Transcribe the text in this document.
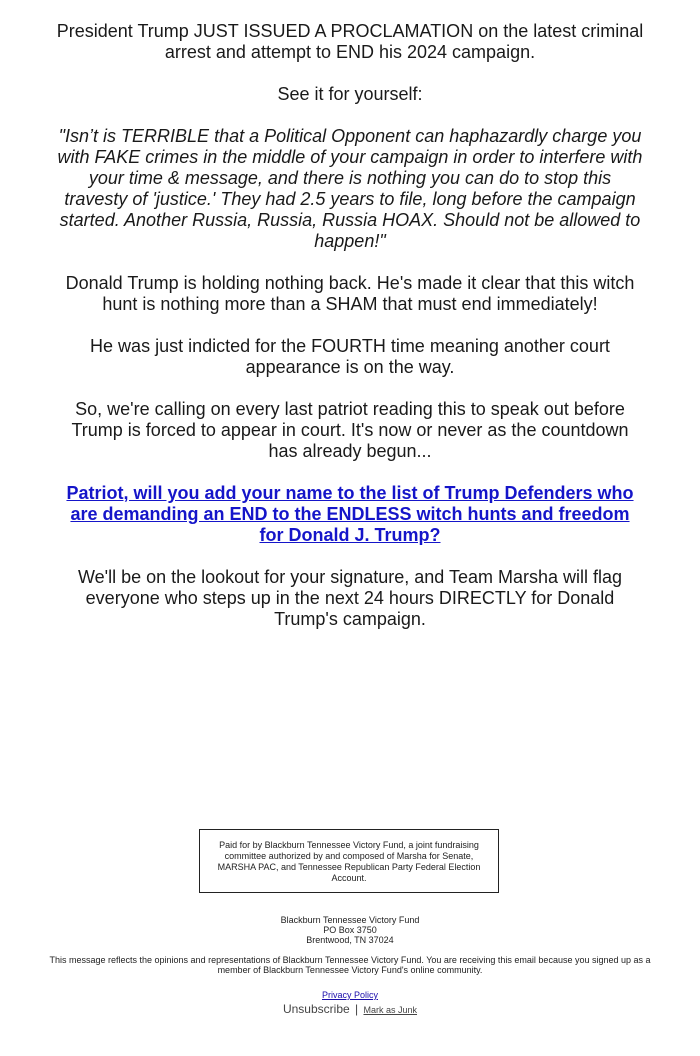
President Trump JUST ISSUED A PROCLAMATION on the latest criminal arrest and attempt to END his 2024 campaign.

See it for yourself:

"Isn’t is TERRIBLE that a Political Opponent can haphazardly charge you with FAKE crimes in the middle of your campaign in order to interfere with your time & message, and there is nothing you can do to stop this travesty of 'justice.' They had 2.5 years to file, long before the campaign started. Another Russia, Russia, Russia HOAX. Should not be allowed to happen!"

Donald Trump is holding nothing back. He's made it clear that this witch hunt is nothing more than a SHAM that must end immediately!

He was just indicted for the FOURTH time meaning another court appearance is on the way.

So, we're calling on every last patriot reading this to speak out before Trump is forced to appear in court. It's now or never as the countdown has already begun...

Patriot, will you add your name to the list of Trump Defenders who are demanding an END to the ENDLESS witch hunts and freedom for Donald J. Trump?

We'll be on the lookout for your signature, and Team Marsha will flag everyone who steps up in the next 24 hours DIRECTLY for Donald Trump's campaign.

Paid for by Blackburn Tennessee Victory Fund, a joint fundraising committee authorized by and composed of Marsha for Senate, MARSHA PAC, and Tennessee Republican Party Federal Election Account.
Blackburn Tennessee Victory Fund
PO Box 3750
Brentwood, TN 37024
This message reflects the opinions and representations of Blackburn Tennessee Victory Fund. You are receiving this email because you signed up as a member of Blackburn Tennessee Victory Fund's online community.
Privacy Policy
Unsubscribe | Mark as Junk
